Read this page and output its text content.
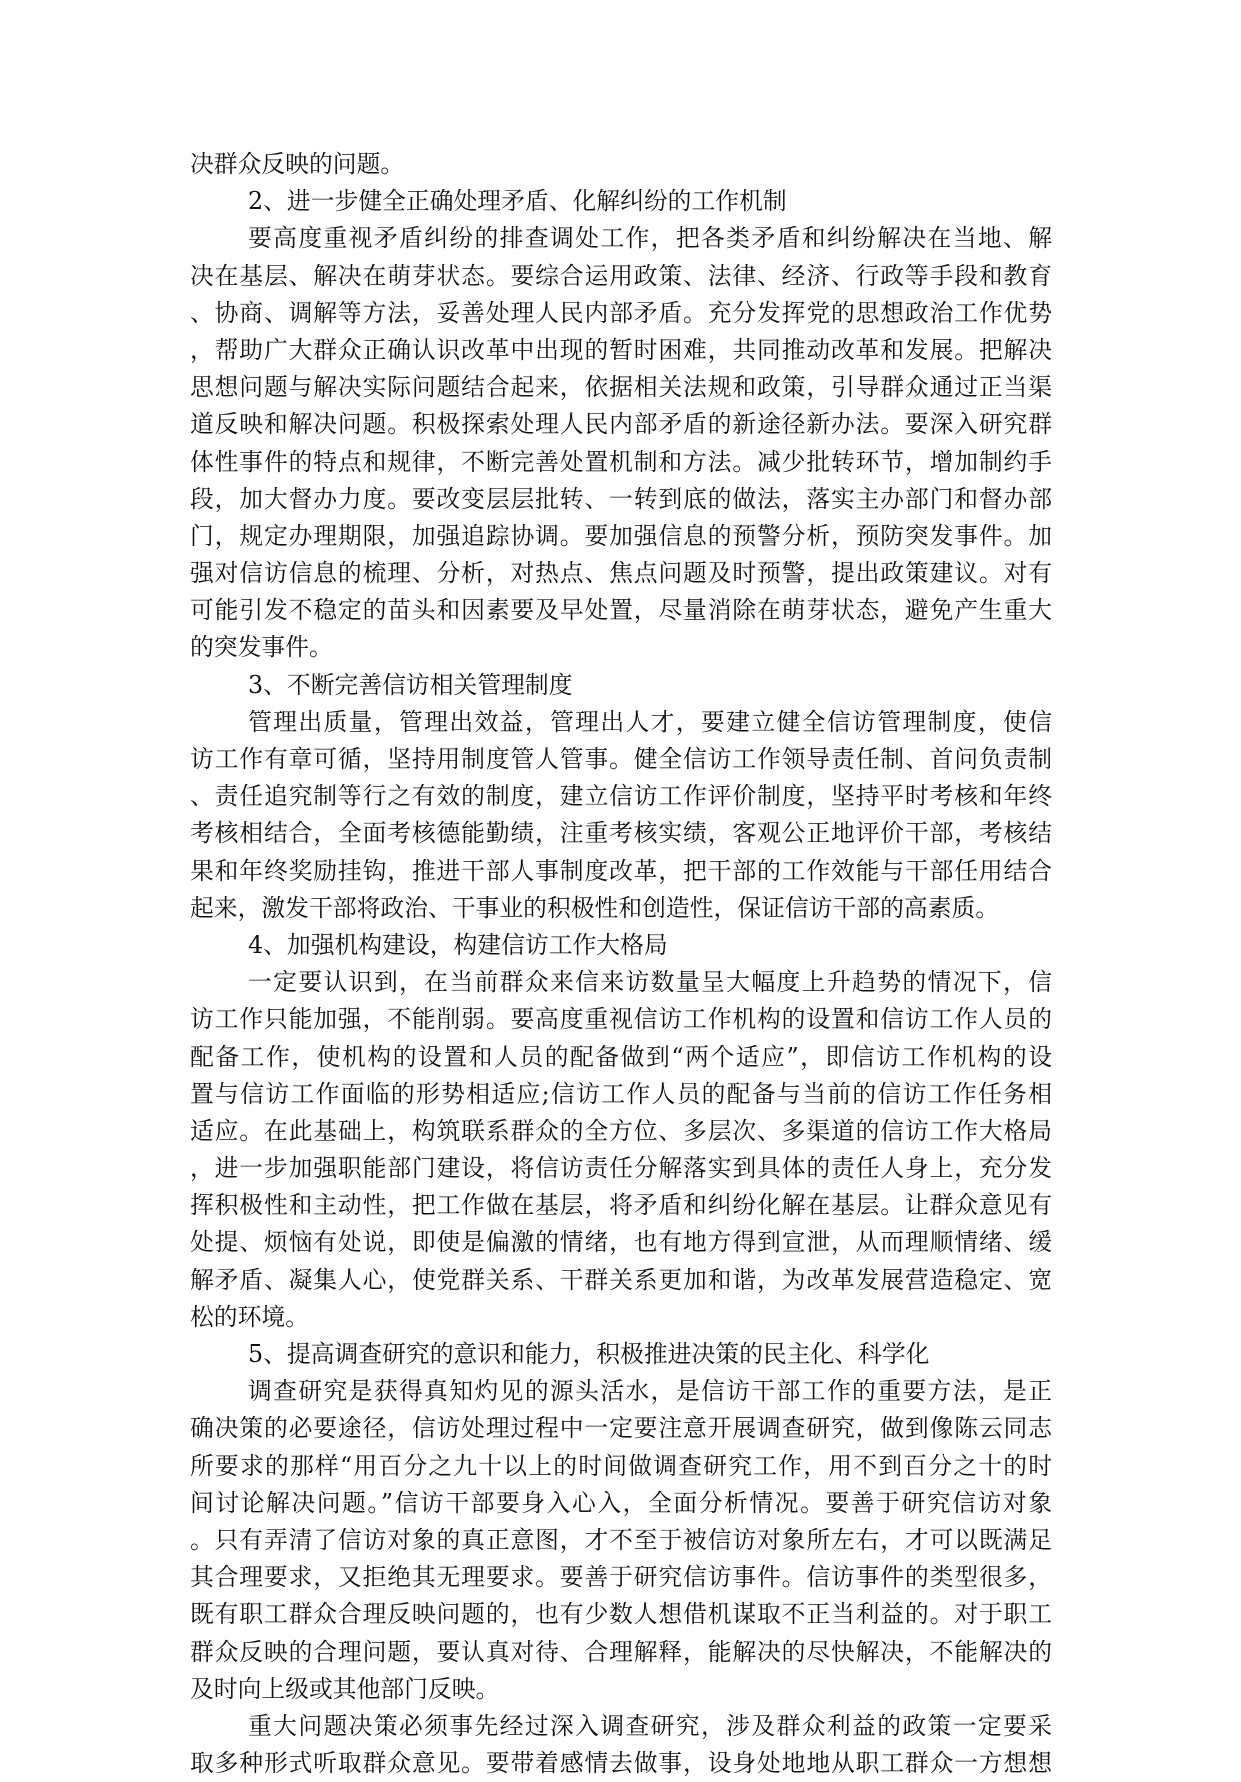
决群众反映的问题。
2、进一步健全正确处理矛盾、化解纠纷的工作机制
要高度重视矛盾纠纷的排查调处工作，把各类矛盾和纠纷解决在当地、解
决在基层、解决在萌芽状态。要综合运用政策、法律、经济、行政等手段和教育
、协商、调解等方法，妥善处理人民内部矛盾。充分发挥党的思想政治工作优势
，帮助广大群众正确认识改革中出现的暂时困难，共同推动改革和发展。把解决
思想问题与解决实际问题结合起来，依据相关法规和政策，引导群众通过正当渠
道反映和解决问题。积极探索处理人民内部矛盾的新途径新办法。要深入研究群
体性事件的特点和规律，不断完善处置机制和方法。减少批转环节，增加制约手
段，加大督办力度。要改变层层批转、一转到底的做法，落实主办部门和督办部
门，规定办理期限，加强追踪协调。要加强信息的预警分析，预防突发事件。加
强对信访信息的梳理、分析，对热点、焦点问题及时预警，提出政策建议。对有
可能引发不稳定的苗头和因素要及早处置，尽量消除在萌芽状态，避免产生重大
的突发事件。
3、不断完善信访相关管理制度
管理出质量，管理出效益，管理出人才，要建立健全信访管理制度，使信
访工作有章可循，坚持用制度管人管事。健全信访工作领导责任制、首问负责制
、责任追究制等行之有效的制度，建立信访工作评价制度，坚持平时考核和年终
考核相结合，全面考核德能勤绩，注重考核实绩，客观公正地评价干部，考核结
果和年终奖励挂钩，推进干部人事制度改革，把干部的工作效能与干部任用结合
起来，激发干部将政治、干事业的积极性和创造性，保证信访干部的高素质。
4、加强机构建设，构建信访工作大格局
一定要认识到，在当前群众来信来访数量呈大幅度上升趋势的情况下，信
访工作只能加强，不能削弱。要高度重视信访工作机构的设置和信访工作人员的
配备工作，使机构的设置和人员的配备做到“两个适应”，即信访工作机构的设
置与信访工作面临的形势相适应;信访工作人员的配备与当前的信访工作任务相
适应。在此基础上，构筑联系群众的全方位、多层次、多渠道的信访工作大格局
，进一步加强职能部门建设，将信访责任分解落实到具体的责任人身上，充分发
挥积极性和主动性，把工作做在基层，将矛盾和纠纷化解在基层。让群众意见有
处提、烦恼有处说，即使是偏激的情绪，也有地方得到宣泄，从而理顺情绪、缓
解矛盾、凝集人心，使党群关系、干群关系更加和谐，为改革发展营造稳定、宽
松的环境。
5、提高调查研究的意识和能力，积极推进决策的民主化、科学化
调查研究是获得真知灼见的源头活水，是信访干部工作的重要方法，是正
确决策的必要途径，信访处理过程中一定要注意开展调查研究，做到像陈云同志
所要求的那样“用百分之九十以上的时间做调查研究工作，用不到百分之十的时
间讨论解决问题。”信访干部要身入心入，全面分析情况。要善于研究信访对象
。只有弄清了信访对象的真正意图，才不至于被信访对象所左右，才可以既满足
其合理要求，又拒绝其无理要求。要善于研究信访事件。信访事件的类型很多，
既有职工群众合理反映问题的，也有少数人想借机谋取不正当利益的。对于职工
群众反映的合理问题，要认真对待、合理解释，能解决的尽快解决，不能解决的
及时向上级或其他部门反映。
重大问题决策必须事先经过深入调查研究，涉及群众利益的政策一定要采
取多种形式听取群众意见。要带着感情去做事，设身处地地从职工群众一方想想
